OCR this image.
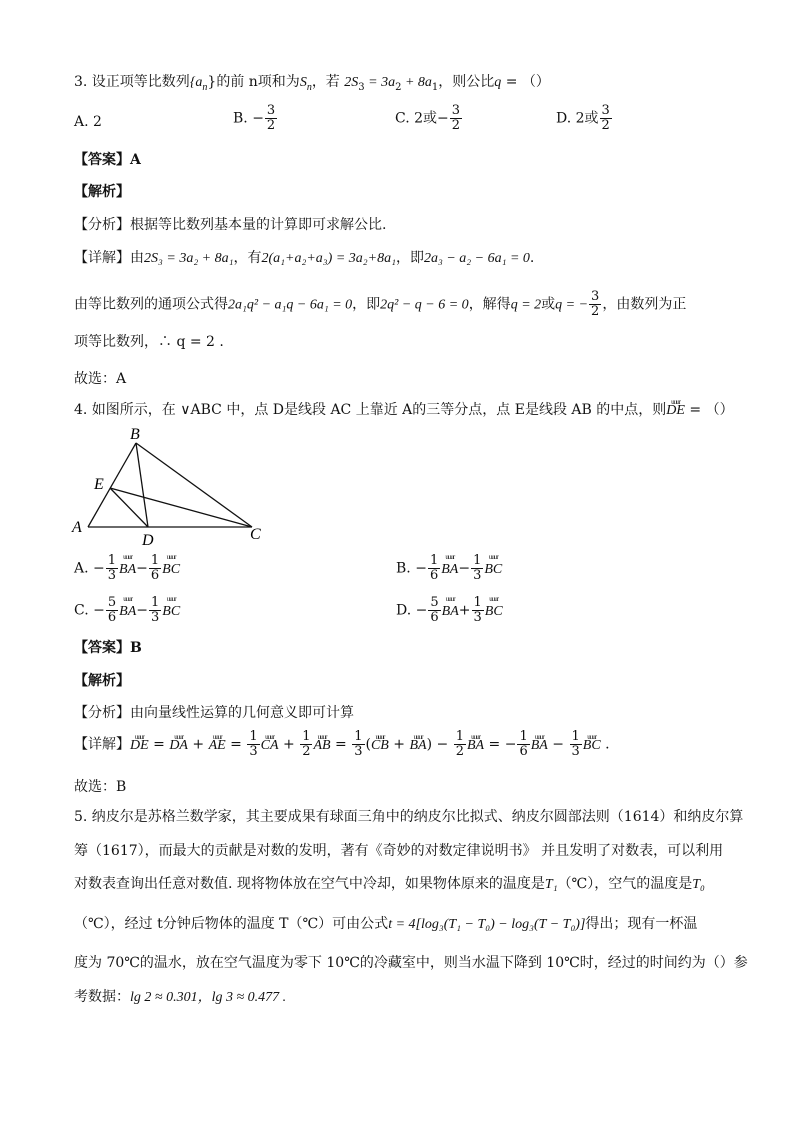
3. 设正项等比数列$\{a_n\}$的前 n项和为$S_n$，若 $2S_3 = 3a_2 + 8a_1$，则公比q = （）
A. 2	B. − $\frac{3}{2}$	C. 2或− $\frac{3}{2}$	D. 2或 $\frac{3}{2}$
【答案】A
【解析】
【分析】根据等比数列基本量的计算即可求解公比.
【详解】由2S₃ = 3a₂ + 8a₁，有2(a₁+a₂+a₃) = 3a₂+8a₁，即2a₃ − a₂ − 6a₁ = 0.
由等比数列的通项公式得2a₁q² − a₁q − 6a₁ = 0，即2q² − q − 6 = 0，解得q = 2或q = − $\frac{3}{2}$ ，由数列为正
项等比数列，∴ q = 2 .
故选：A
4. 如图所示，在 ∨ABC 中，点 D是线段 AC 上靠近 A的三等分点，点 E是线段 AB 的中点，则uuur DE = （）
A
B
C
D
E
A. − $\frac{1}{3}$ uuur $BA- \frac{1}{6}$ uuur BC	B. − $\frac{1}{6}$ uuur $BA- \frac{1}{3}$ uuur BC
C. − $\frac{5}{6}$ uuur $BA- \frac{1}{3}$ uuur BC	D. − $\frac{5}{6}$ uuur $BA+ \frac{1}{3}$ uuur BC
【答案】B
【解析】
【分析】由向量线性运算的几何意义即可计算
【详解】uuur DE = uuur DA + uuur AE = $\frac{1}{3}$ uuur CA + $\frac{1}{2}$ uuur AB = $\frac{1}{3}$ (uuur CB + uuur $BA) - \frac{1}{2}$ uuur BA = − $\frac{1}{6}$ uuur BA − $\frac{1}{3}$ uuur BC .
故选：B
5. 纳皮尔是苏格兰数学家，其主要成果有球面三角中的纳皮尔比拟式、纳皮尔圆部法则（1614）和纳皮尔算
筹（1617），而最大的贡献是对数的发明，著有《奇妙的对数定律说明书》 并且发明了对数表，可以利用
对数表查询出任意对数值. 现将物体放在空气中冷却，如果物体原来的温度是T₁（℃），空气的温度是T₀
（℃），经过 t分钟后物体的温度 T（℃）可由公式t = 4[log₃(T₁ − T₀) − log₃(T − T₀)]得出；现有一杯温
度为 70℃的温水，放在空气温度为零下 10℃的冷藏室中，则当水温下降到 10℃时，经过的时间约为（）参
考数据：lg 2 ≈ 0.301，lg 3 ≈ 0.477 .
